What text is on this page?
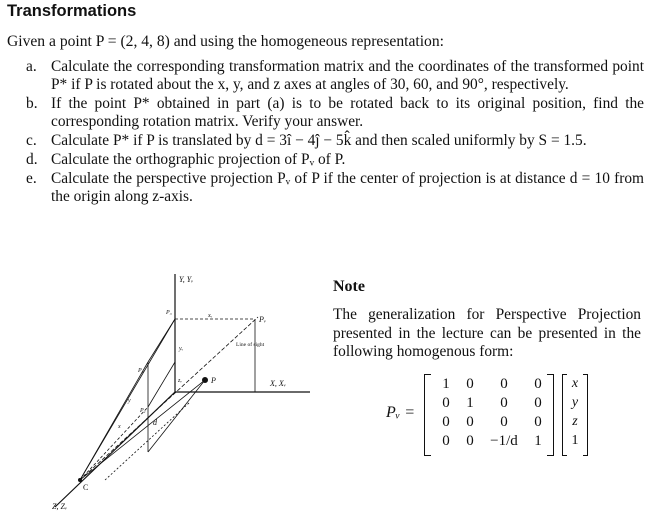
Transformations
Given a point P = (2, 4, 8) and using the homogeneous representation:
a. Calculate the corresponding transformation matrix and the coordinates of the transformed point P* if P is rotated about the x, y, and z axes at angles of 30, 60, and 90°, respectively.
b. If the point P* obtained in part (a) is to be rotated back to its original position, find the corresponding rotation matrix. Verify your answer.
c. Calculate P* if P is translated by d = 3î − 4ĵ − 5k̂ and then scaled uniformly by S = 1.5.
d. Calculate the orthographic projection of Pᵥ of P.
e. Calculate the perspective projection Pᵥ of P if the center of projection is at distance d = 10 from the origin along z-axis.
Y, Yᵥ
X, Xᵥ
Z, Zᵥ
Line of sight
P
Pᵥ
C
d
xᵥ
yᵥ
P₃
P₂
P₁
zᵥ
x
y
Note
The generalization for Perspective Projection presented in the lecture can be presented in the following homogenous form:
Pᵥ =
1	0	0	0
0	1	0	0
0	0	0	0
0	0	−1/d	1
x
y
z
1
